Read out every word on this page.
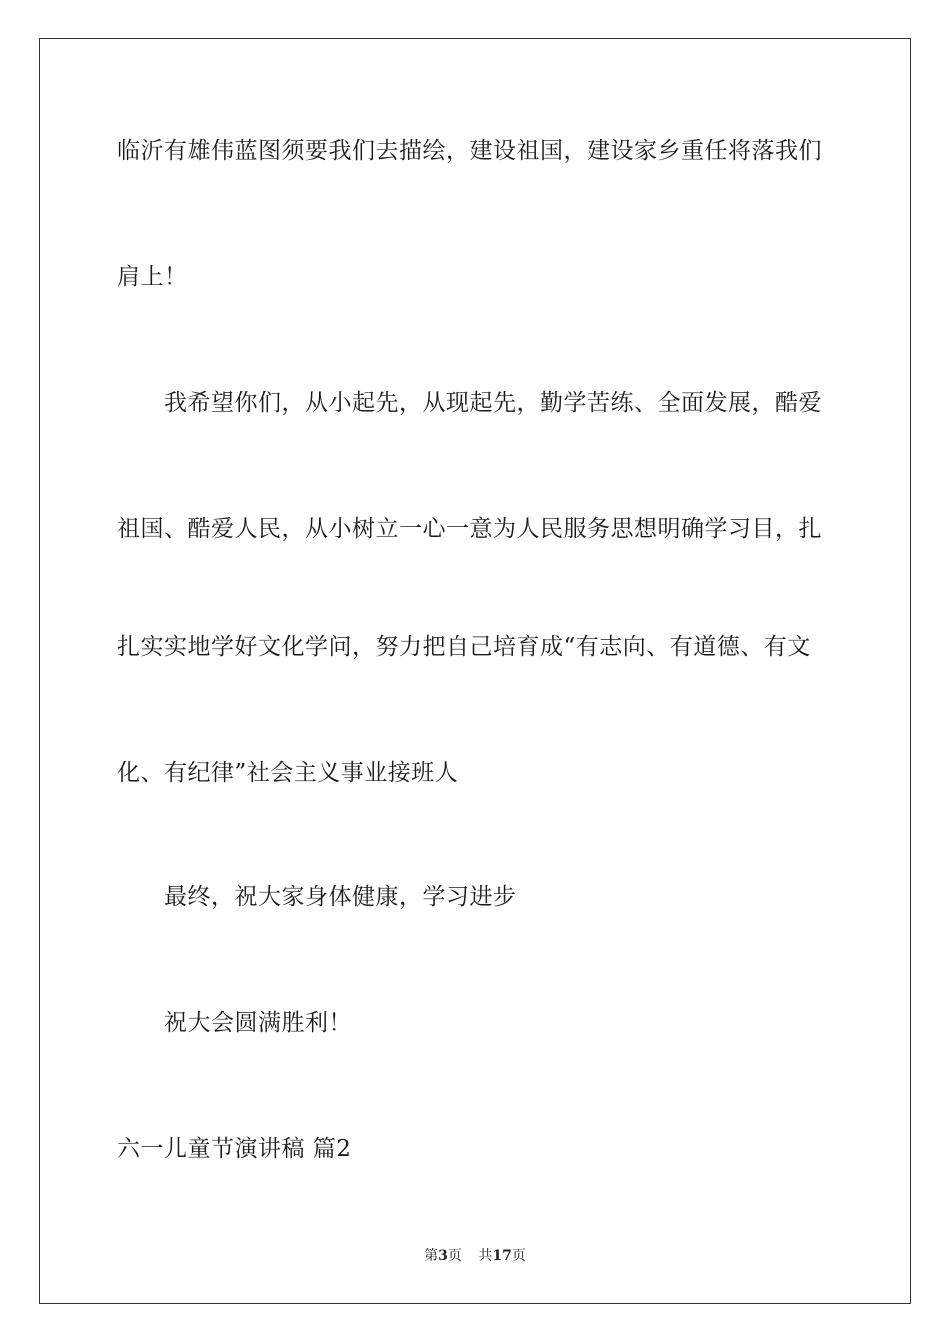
临沂有雄伟蓝图须要我们去描绘，建设祖国，建设家乡重任将落我们
肩上！
我希望你们，从小起先，从现起先，勤学苦练、全面发展，酷爱
祖国、酷爱人民，从小树立一心一意为人民服务思想明确学习目，扎
扎实实地学好文化学问，努力把自己培育成“有志向、有道德、有文
化、有纪律”社会主义事业接班人
最终，祝大家身体健康，学习进步
祝大会圆满胜利！
六一儿童节演讲稿 篇2
第3页 共17页
